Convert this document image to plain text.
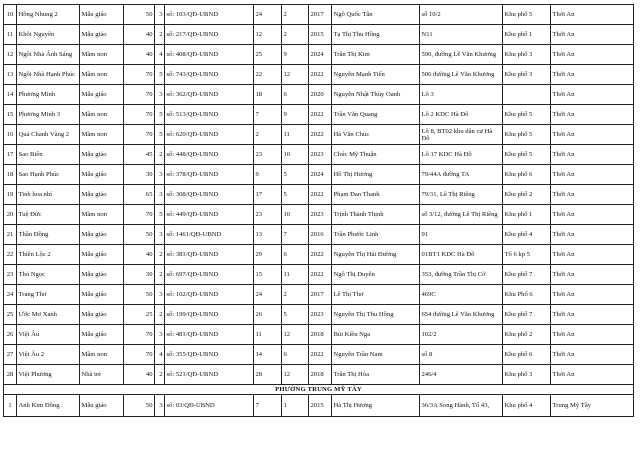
10	Hồng Nhung 2	Mẫu giáo	50	3	số: 103/QĐ-UBND	24	2	2017	Ngô Quốc Tân	số 10/2	Khu phố 5	Thới An
11	Khôi Nguyên	Mẫu giáo	40	2	số: 217/QĐ-UBND	12	2	2015	Tạ Thị Thu Hồng	N11	Khu phố 1	Thới An
12	Ngôi Nhà Ánh Sáng	Mầm non	40	4	số: 408/QĐ-UBND	25	9	2024	Trần Thị Kim	590, đường Lê Văn Khương	Khu phố 3	Thới An
13	Ngôi Nhà Hạnh Phúc	Mầm non	70	5	số: 743/QĐ-UBND	22	12	2022	Nguyễn Mạnh Tiến	506 đường Lê Văn Khương	Khu phố 3	Thới An
14	Phương Minh	Mẫu giáo	70	3	số: 362/QĐ-UBND	18	6	2020	Nguyễn Nhật Thùy Oanh	Lô 3		Thới An
15	Phương Minh 3	Mầm non	70	5	số: 513/QĐ-UBND	7	9	2022	Trần Văn Quang	Lô 2 KDC Hà Đô	Khu phố 5	Thới An
16	Quả Chanh Vàng 2	Mầm non	70	5	số: 620/QĐ-UBND	2	11	2022	Hà Văn Chúc	Lô 8, BT02 khu dân cư Hà Đô	Khu phố 5	Thới An
17	Sao Biển	Mẫu giáo	45	2	số: 448/QĐ-UBND	23	10	2023	Chúc Mỹ Thuận	Lô 17 KDC Hà Đô	Khu phố 5	Thới An
18	Sao Hạnh Phúc	Mẫu giáo	30	3	số: 378/QĐ-UBND	9	5	2024	Hồ Thị Hương	79/44A đường TA	Khu phố 6	Thới An
19	Tinh hoa nhí	Mẫu giáo	65	3	số: 308/QĐ-UBND	17	5	2022	Phạm Đan Thanh	79/31, Lê Thị Riêng	Khu phố 2	Thới An
20	Tuệ Đức	Mầm non	70	5	số: 449/QĐ-UBND	23	10	2023	Trịnh Thành Thịnh	số 3/12, đường Lê Thị Riêng	Khu phố 1	Thới An
21	Thần Đồng	Mẫu giáo	50	3	số: 1461/QĐ-UBND	13	7	2016	Trần Phước Linh	91	Khu phố 4	Thới An
22	Thiên Lộc 2	Mẫu giáo	40	2	số: 381/QĐ-UBND	29	6	2022	Nguyễn Thị Hải Đường	01BT1 KDC Hà Đô	Tổ 6 kp 5	Thới An
23	Thỏ Ngọc	Mẫu giáo	30	2	số: 697/QĐ-UBND	15	11	2022	Ngô Thị Duyên	353, đường Trần Thị Cờ	Khu phố 7	Thới An
24	Trang Thơ	Mẫu giáo	50	3	số: 102/QĐ-UBND	24	2	2017	Lê Thị Thơ	469C	Khu Phố 6	Thới An
25	Ước Mơ Xanh	Mẫu giáo	25	2	số: 199/QĐ-UBND	26	5	2023	Nguyễn Thị Thu Hồng	654 đường Lê Văn Khương	Khu phố 7	Thới An
26	Việt Âu	Mẫu giáo	70	3	số: 481/QĐ-UBND	11	12	2018	Bùi Kiều Nga	102/2	Khu phố 2	Thới An
27	Việt Âu 2	Mầm non	70	4	số: 355/QĐ-UBND	14	6	2022	Nguyễn Trần Nam	số 8	Khu phố 6	Thới An
28	Việt Phương	Nhà trẻ	40	2	số: 521/QĐ-UBND	28	12	2018	Trần Thị Hòa	246/4	Khu phố 3	Thới An
PHƯỜNG TRUNG MỸ TÂY												
1	Anh Kim Đồng	Mẫu giáo	50	3	số: 03/QĐ-UBND	7	1	2015	Hà Thị Hương	36/3A Song Hành, Tổ 43,	Khu phố 4	Trung Mỹ Tây
